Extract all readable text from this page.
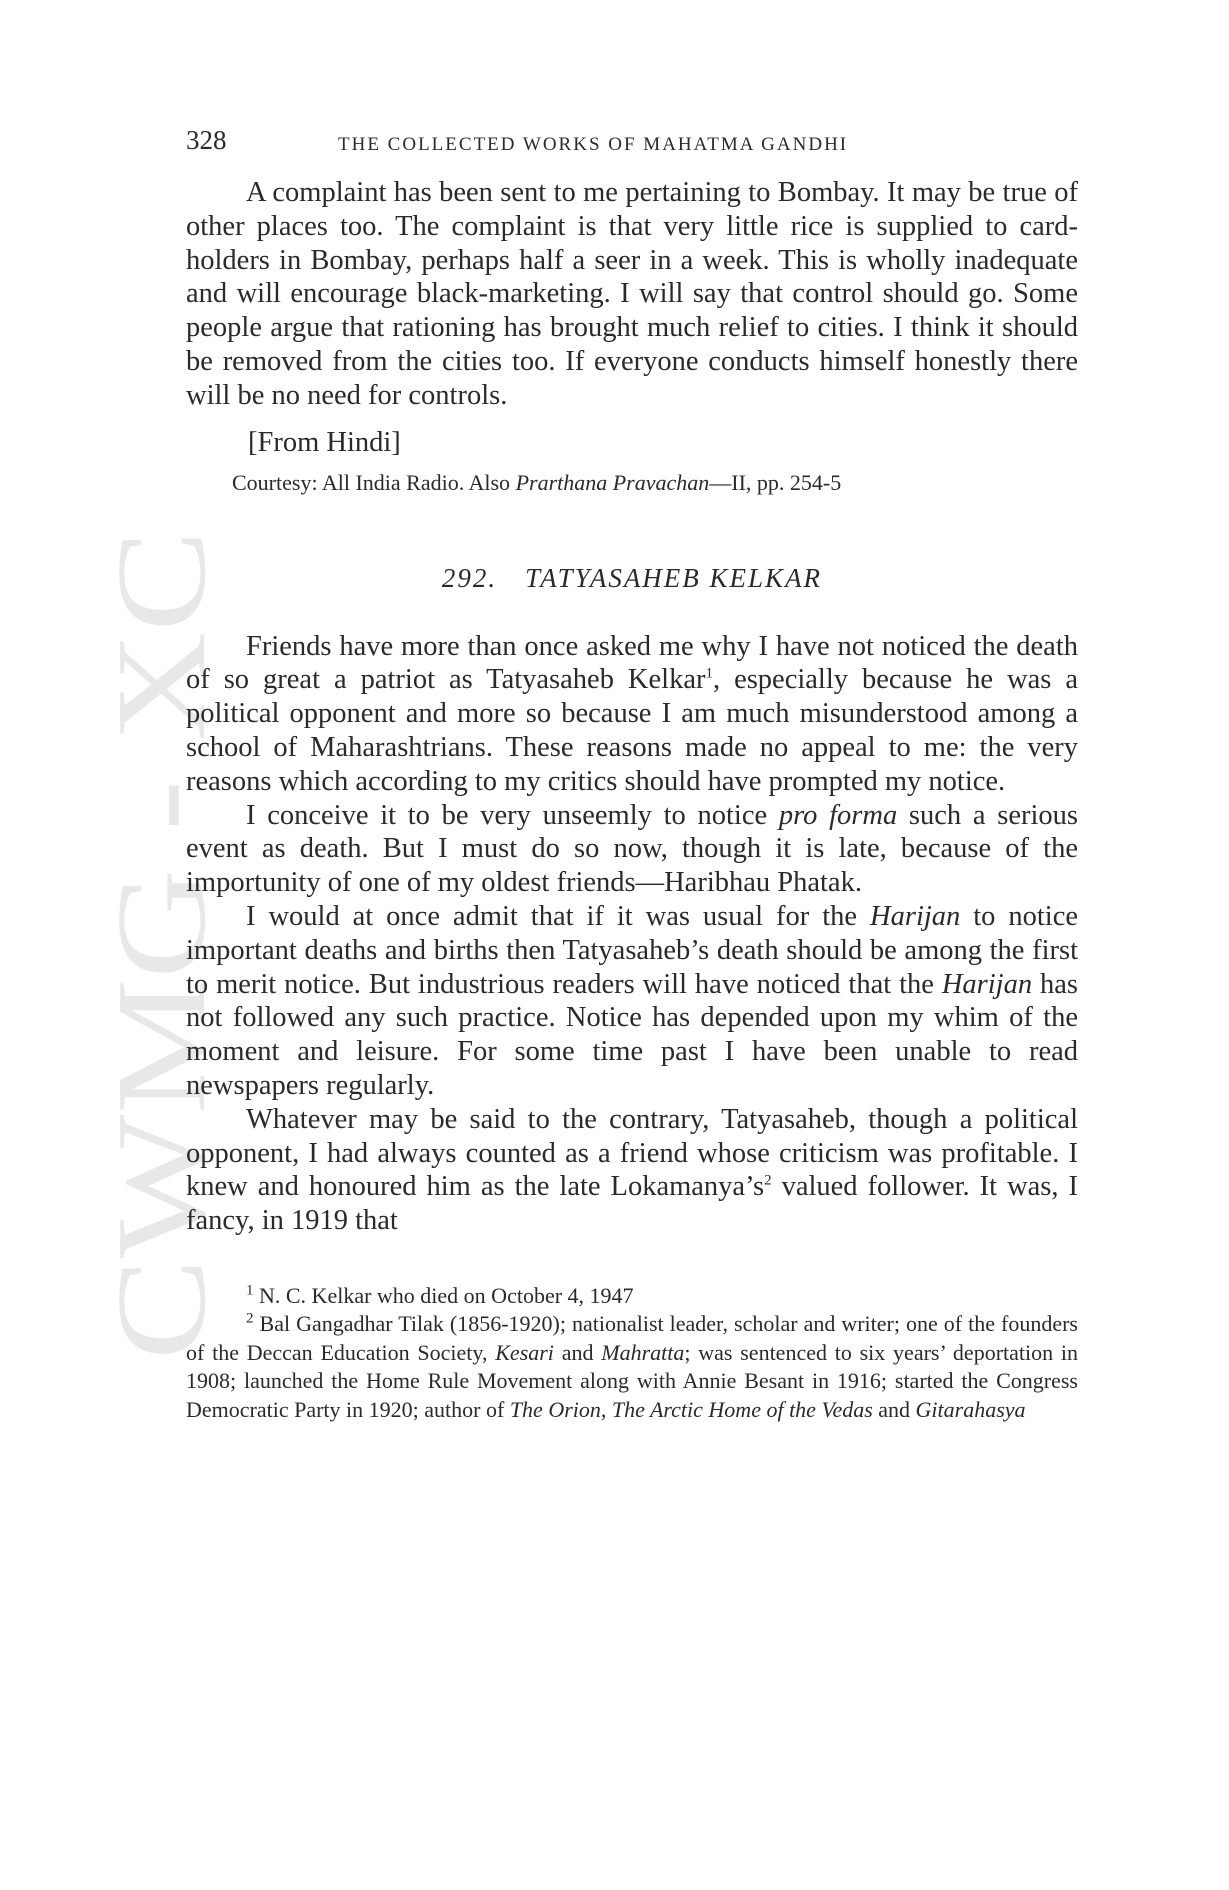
CWMG - XC
328	THE COLLECTED WORKS OF MAHATMA GANDHI

A complaint has been sent to me pertaining to Bombay. It may be true of other places too. The complaint is that very little rice is supplied to card-holders in Bombay, perhaps half a seer in a week. This is wholly inadequate and will encourage black-marketing. I will say that control should go. Some people argue that rationing has brought much relief to cities. I think it should be removed from the cities too. If everyone conducts himself honestly there will be no need for controls.

[From Hindi]
Courtesy: All India Radio. Also Prarthana Pravachan—II, pp. 254-5
292. TATYASAHEB KELKAR

Friends have more than once asked me why I have not noticed the death of so great a patriot as Tatyasaheb Kelkar$^1$, especially because he was a political opponent and more so because I am much misunderstood among a school of Maharashtrians. These reasons made no appeal to me: the very reasons which according to my critics should have prompted my notice.

I conceive it to be very unseemly to notice pro forma such a serious event as death. But I must do so now, though it is late, because of the importunity of one of my oldest friends—Haribhau Phatak.

I would at once admit that if it was usual for the Harijan to notice important deaths and births then Tatyasaheb’s death should be among the first to merit notice. But industrious readers will have noticed that the Harijan has not followed any such practice. Notice has depended upon my whim of the moment and leisure. For some time past I have been unable to read newspapers regularly.

Whatever may be said to the contrary, Tatyasaheb, though a political opponent, I had always counted as a friend whose criticism was profitable. I knew and honoured him as the late $Lokamanya’s^2$ valued follower. It was, I fancy, in 1919 that

$^1$ N. C. Kelkar who died on October 4, 1947
$^2$ Bal Gangadhar Tilak (1856-1920); nationalist leader, scholar and writer; one of the founders of the Deccan Education Society, Kesari and Mahratta; was sentenced to six years’ deportation in 1908; launched the Home Rule Movement along with Annie Besant in 1916; started the Congress Democratic Party in 1920; author of The Orion, The Arctic Home of the Vedas and Gitarahasya
